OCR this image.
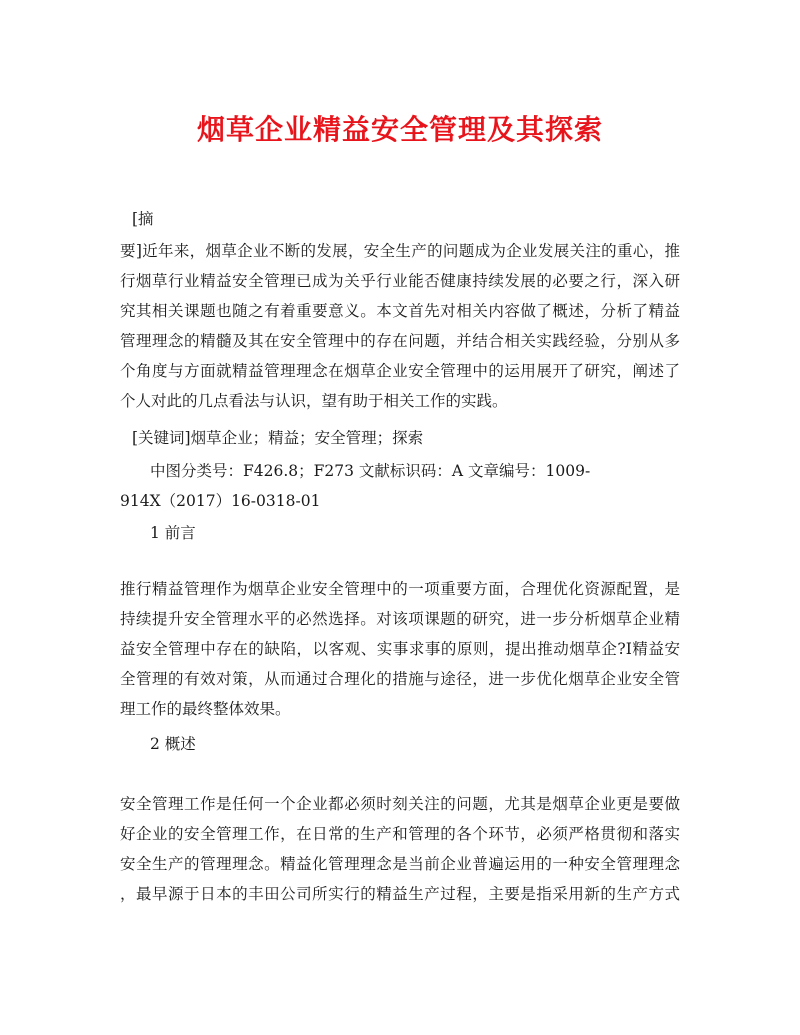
烟草企业精益安全管理及其探索
[摘
要]近年来，烟草企业不断的发展，安全生产的问题成为企业发展关注的重心，推
行烟草行业精益安全管理已成为关乎行业能否健康持续发展的必要之行，深入研
究其相关课题也随之有着重要意义。本文首先对相关内容做了概述，分析了精益
管理理念的精髓及其在安全管理中的存在问题，并结合相关实践经验，分别从多
个角度与方面就精益管理理念在烟草企业安全管理中的运用展开了研究，阐述了
个人对此的几点看法与认识，望有助于相关工作的实践。
[关键词]烟草企业；精益；安全管理；探索
中图分类号：F426.8；F273 文献标识码：A 文章编号：1009-
914X（2017）16-0318-01
1 前言
推行精益管理作为烟草企业安全管理中的一项重要方面，合理优化资源配置，是
持续提升安全管理水平的必然选择。对该项课题的研究，进一步分析烟草企业精
益安全管理中存在的缺陷，以客观、实事求事的原则，提出推动烟草企?I精益安
全管理的有效对策，从而通过合理化的措施与途径，进一步优化烟草企业安全管
理工作的最终整体效果。
2 概述
安全管理工作是任何一个企业都必须时刻关注的问题，尤其是烟草企业更是要做
好企业的安全管理工作，在日常的生产和管理的各个环节，必须严格贯彻和落实
安全生产的管理理念。精益化管理理念是当前企业普遍运用的一种安全管理理念
，最早源于日本的丰田公司所实行的精益生产过程，主要是指采用新的生产方式
